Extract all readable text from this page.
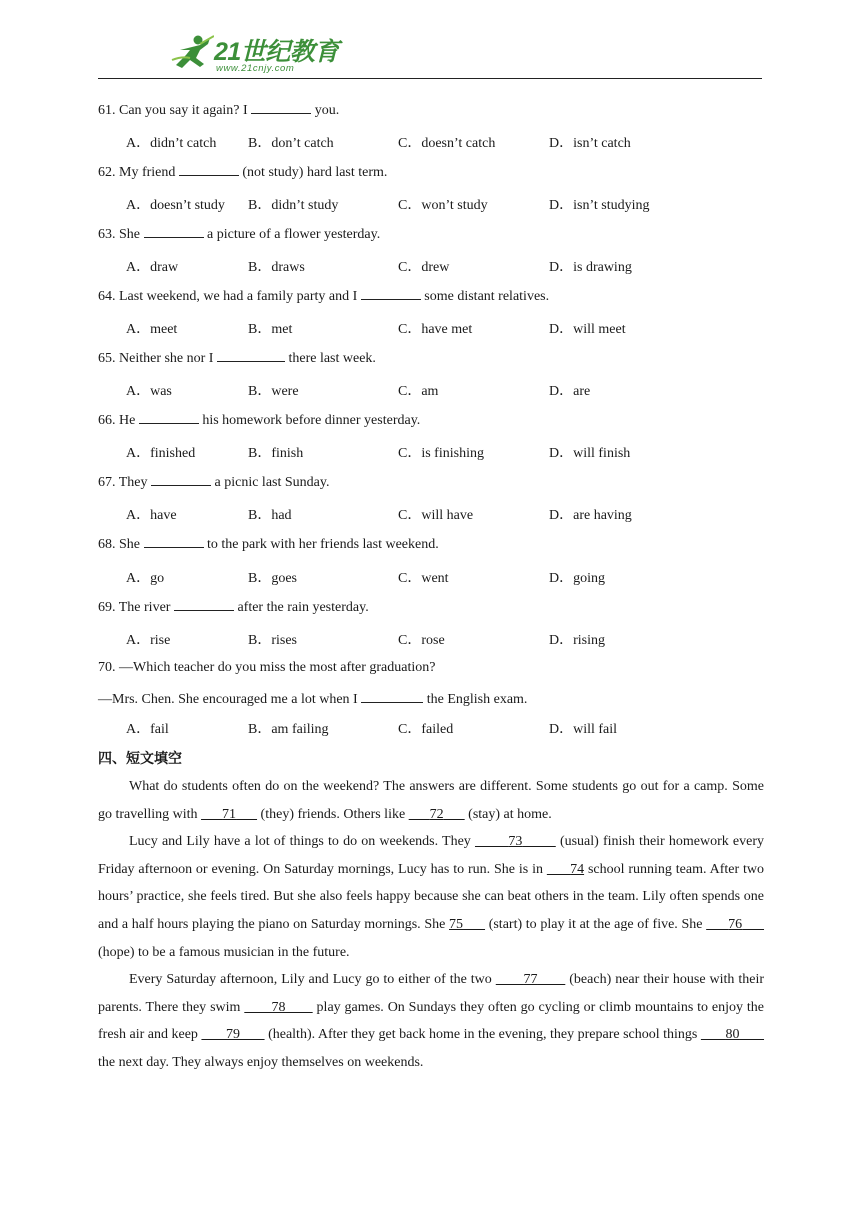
21世纪教育
www.21cnjy.com
61. Can you say it again? I	you.
A．didn’t catch B．don’t catch	C．doesn’t catch	D．isn’t catch
62. My friend	(not study) hard last term.
A．doesn’t study B．didn’t study	C．won’t study	D．isn’t studying
63. She	a picture of a flower yesterday.
A．draw	B．draws	C．drew	D．is drawing
64. Last weekend, we had a family party and I	some distant relatives.
A．meet	B．met	C．have met	D．will meet
65. Neither she nor I	there last week.
A．was	B．were	C．am	D．are
66. He	his homework before dinner yesterday.
A．finished	B．finish	C．is finishing	D．will finish
67. They	a picnic last Sunday.
A．have	B．had	C．will have	D．are having
68. She	to the park with her friends last weekend.
A．go	B．goes	C．went	D．going
69. The river	after the rain yesterday.
A．rise	B．rises	C．rose	D．rising
70. —Which teacher do you miss the most after graduation?
—Mrs. Chen. She encouraged me a lot when I	the English exam.
A．fail	B．am failing	C．failed	D．will fail
四、短文填空

What do students often do on the weekend? The answers are different. Some students go out for a camp. Some go travelling with       71       (they) friends. Others like       72       (stay) at home.

Lucy and Lily have a lot of things to do on weekends. They         73         (usual) finish their homework every Friday afternoon or evening. On Saturday mornings, Lucy has to run. She is in       74 school running team. After two hours’ practice, she feels tired. But she also feels happy because she can beat others in the team. Lily often spends one and a half hours playing the piano on Saturday mornings. She 75       (start) to play it at the age of five. She       76       (hope) to be a famous musician in the future.

Every Saturday afternoon, Lily and Lucy go to either of the two        77        (beach) near their house with their parents. There they swim        78        play games. On Sundays they often go cycling or climb mountains to enjoy the fresh air and keep        79        (health). After they get back home in the evening, they prepare school things        80        the next day. They always enjoy themselves on weekends.
